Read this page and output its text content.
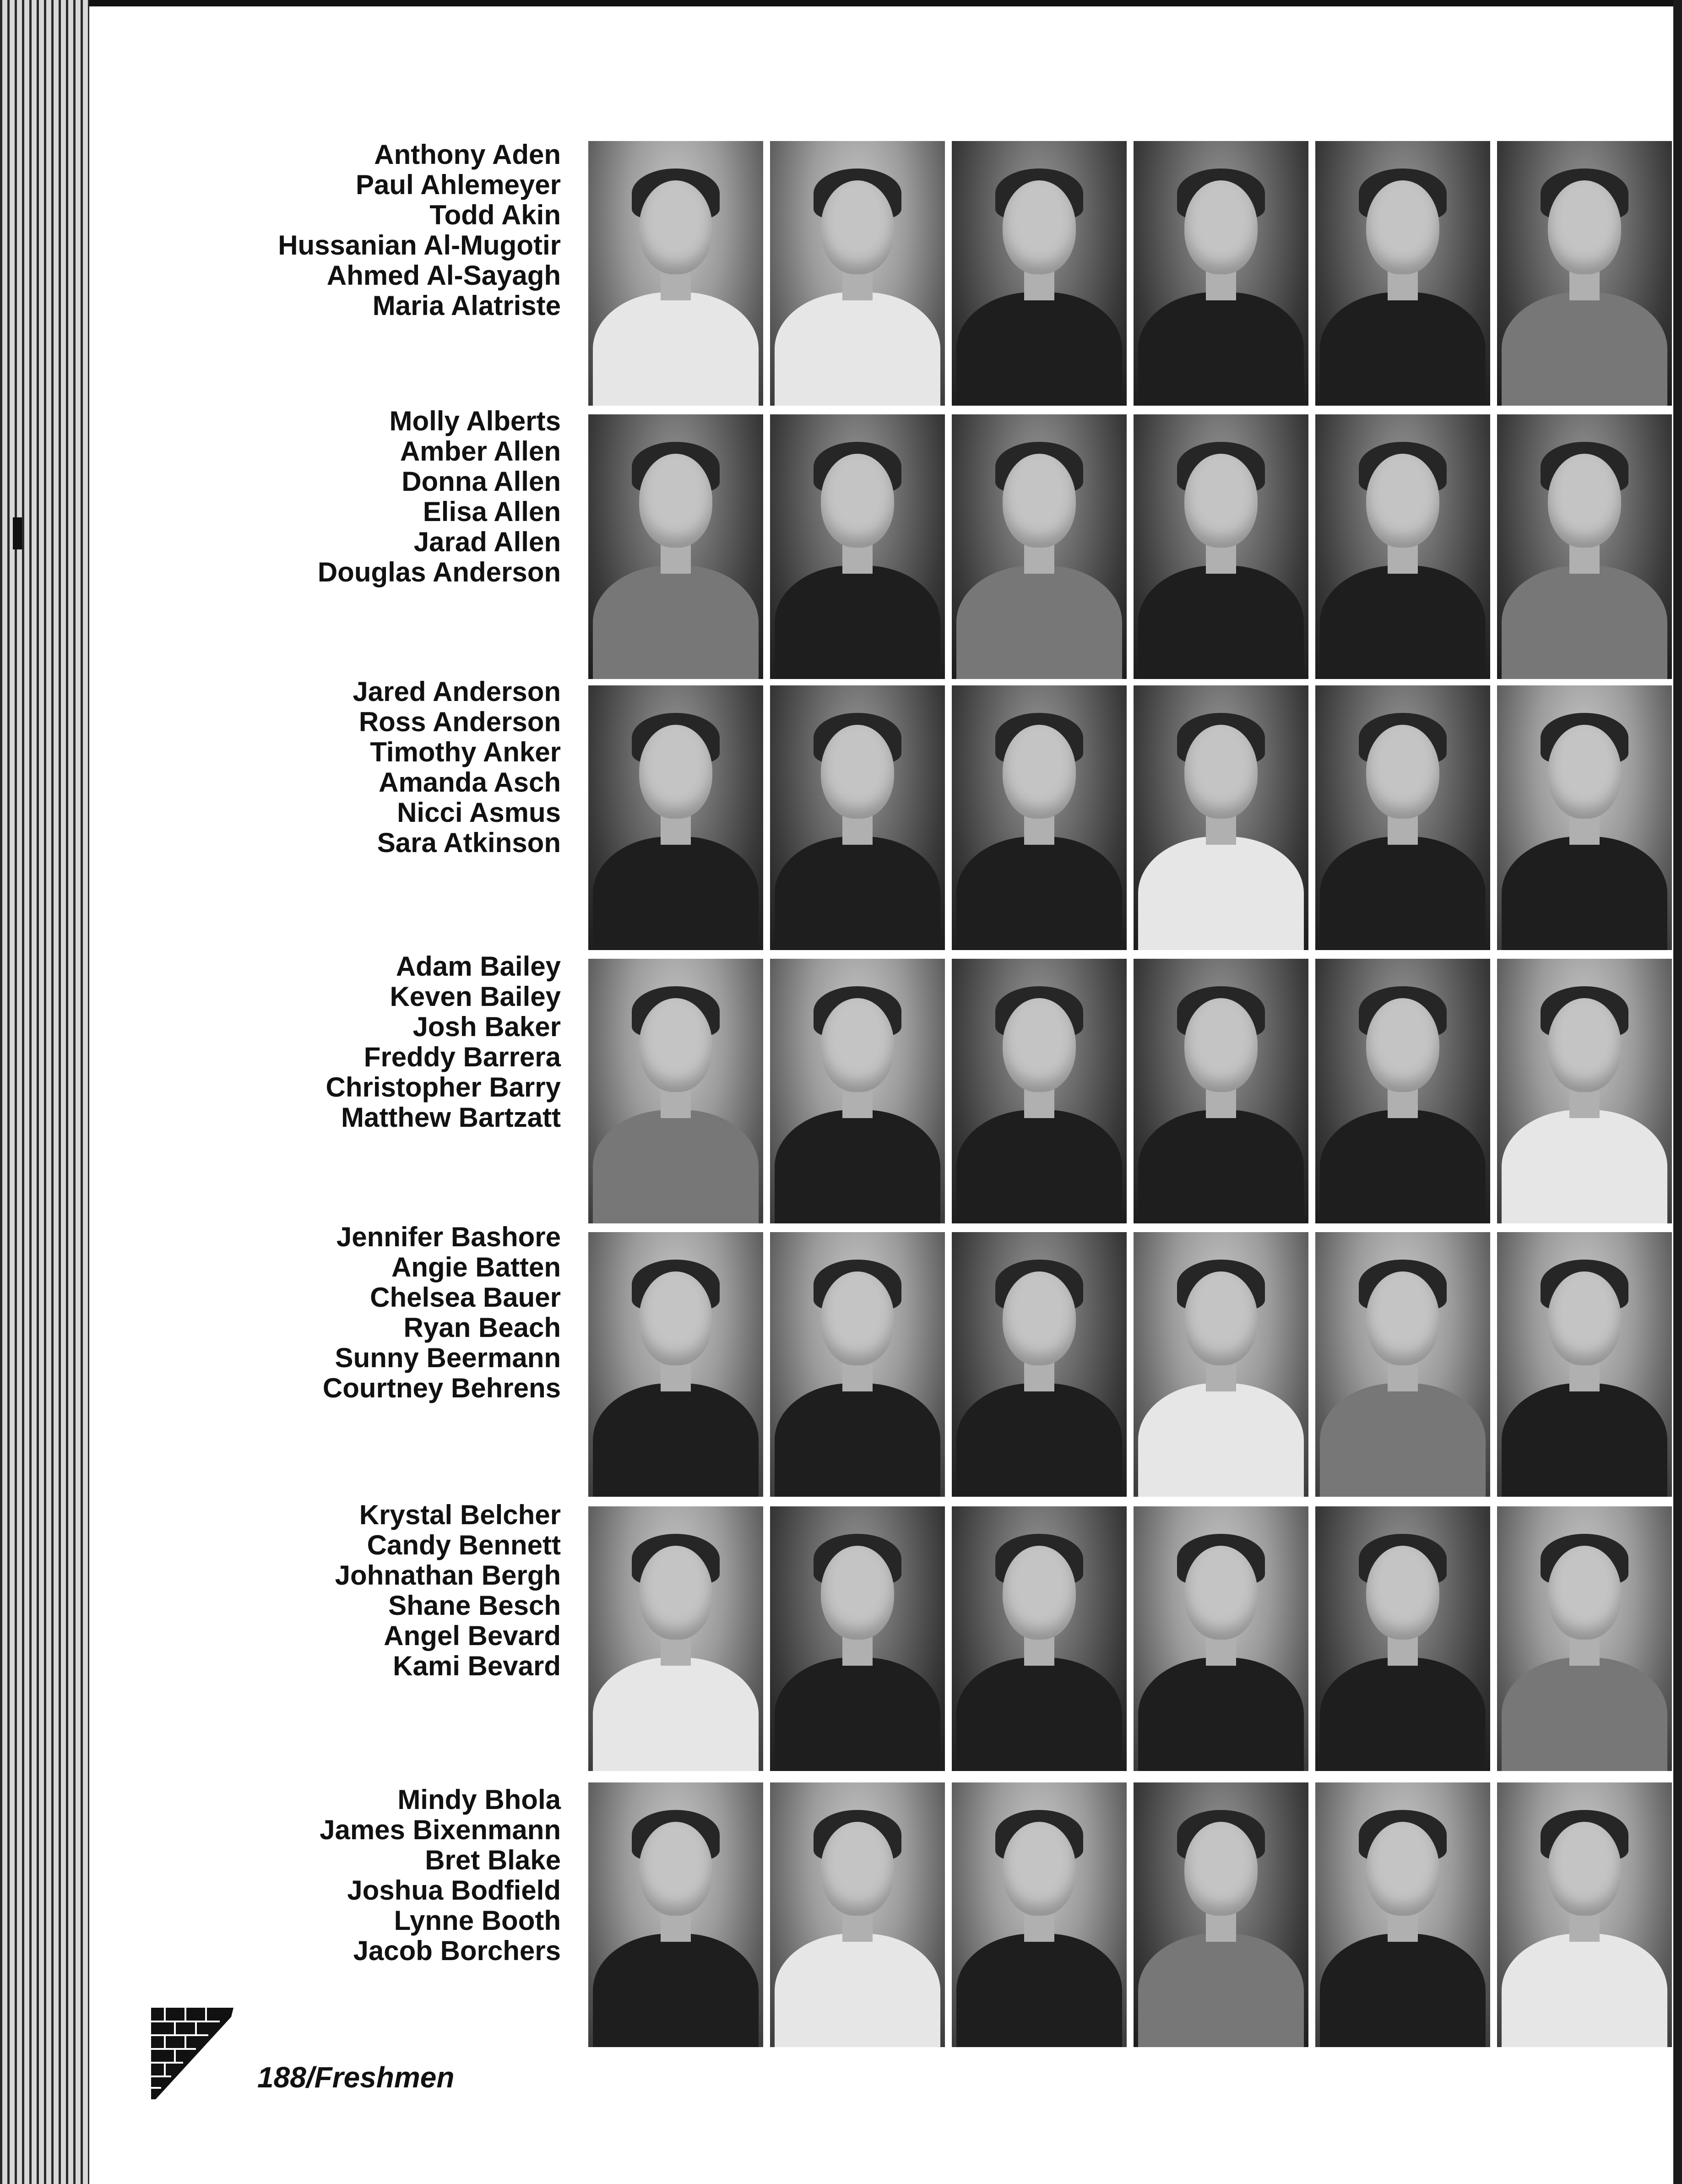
Anthony Aden
Paul Ahlemeyer
Todd Akin
Hussanian Al-Mugotir
Ahmed Al-Sayagh
Maria Alatriste
Molly Alberts
Amber Allen
Donna Allen
Elisa Allen
Jarad Allen
Douglas Anderson
Jared Anderson
Ross Anderson
Timothy Anker
Amanda Asch
Nicci Asmus
Sara Atkinson
Adam Bailey
Keven Bailey
Josh Baker
Freddy Barrera
Christopher Barry
Matthew Bartzatt
Jennifer Bashore
Angie Batten
Chelsea Bauer
Ryan Beach
Sunny Beermann
Courtney Behrens
Krystal Belcher
Candy Bennett
Johnathan Bergh
Shane Besch
Angel Bevard
Kami Bevard
Mindy Bhola
James Bixenmann
Bret Blake
Joshua Bodfield
Lynne Booth
Jacob Borchers
188/Freshmen
